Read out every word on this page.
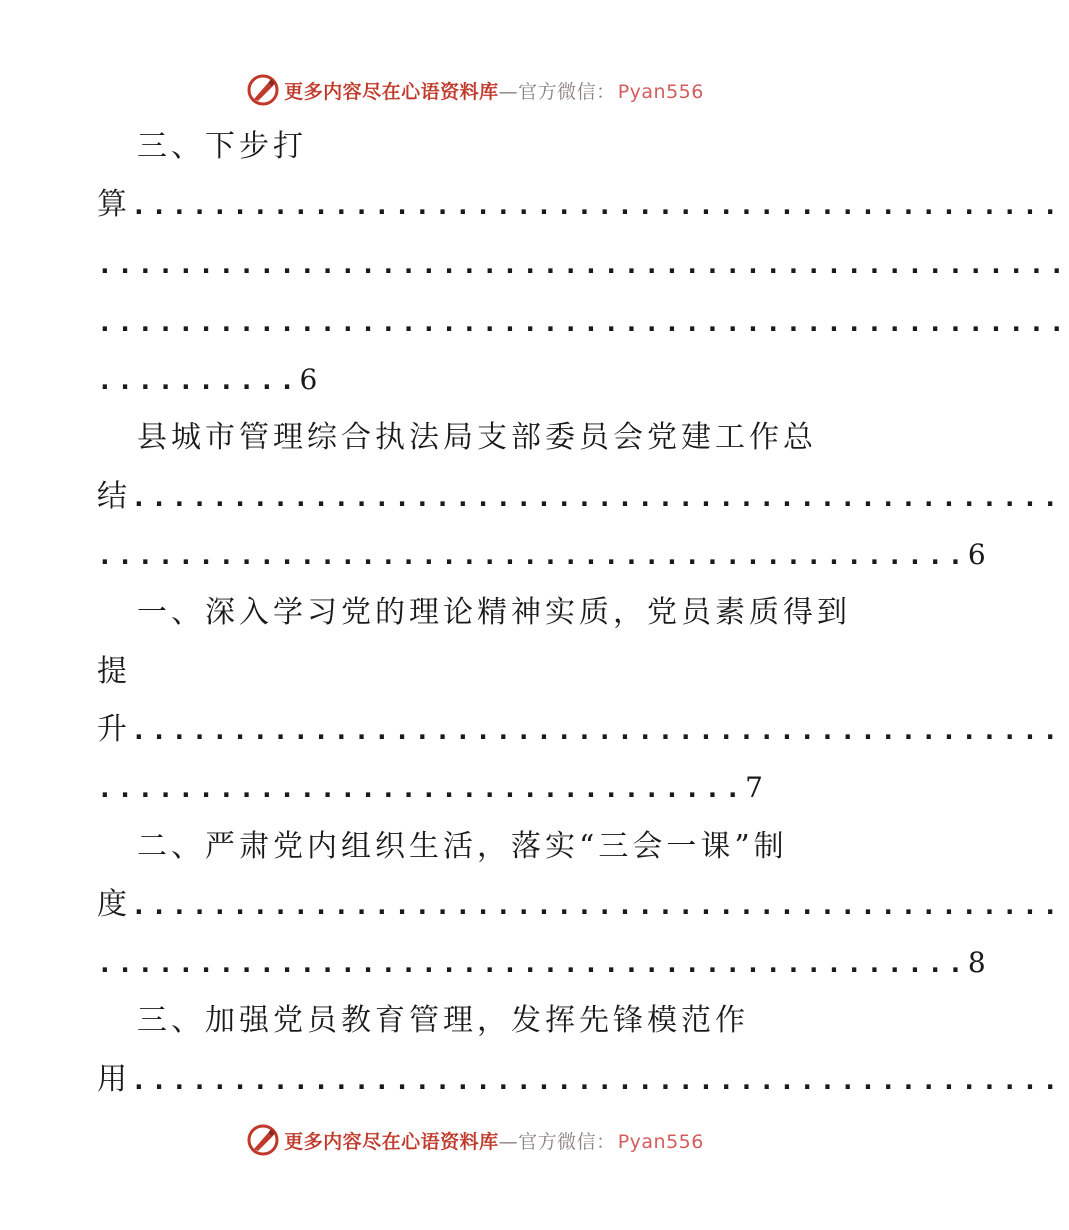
更多内容尽在心语资料库—官方微信： Pyan556
三、下步打
算..............................................
................................................
................................................
..........6
县城市管理综合执法局支部委员会党建工作总
结..............................................
...........................................6
一、深入学习党的理论精神实质，党员素质得到
提
升..............................................
................................7
二、严肃党内组织生活，落实“三会一课”制
度..............................................
...........................................8
三、加强党员教育管理，发挥先锋模范作
用..............................................
更多内容尽在心语资料库—官方微信： Pyan556
